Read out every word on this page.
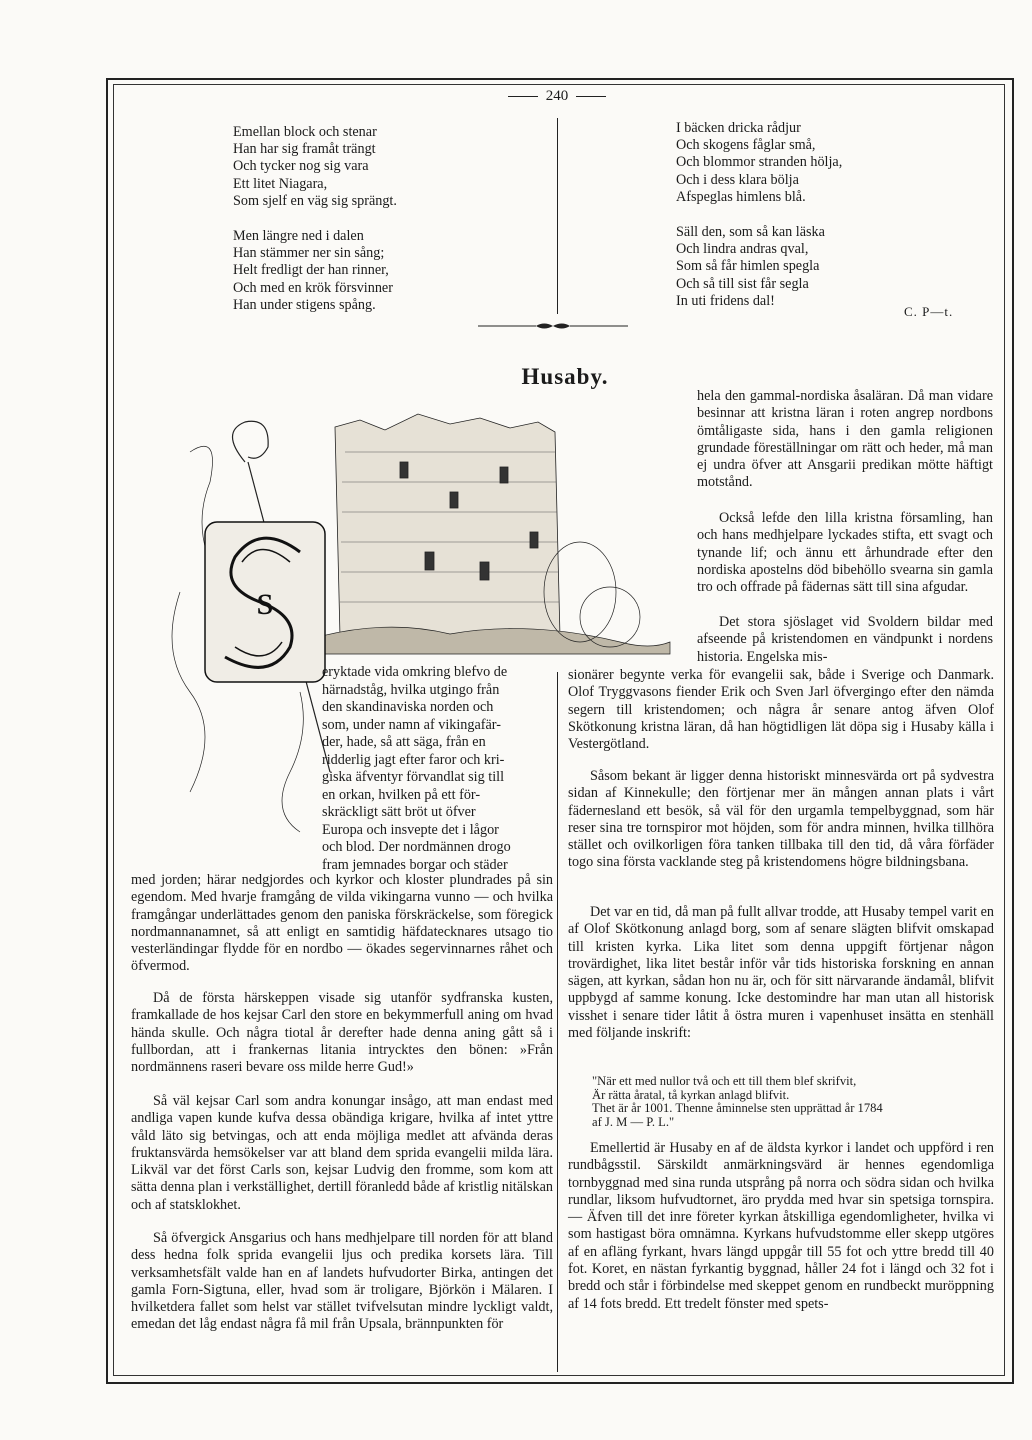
240
Emellan block och stenar
Han har sig framåt trängt
Och tycker nog sig vara
Ett litet Niagara,
Som sjelf en väg sig sprängt.
Men längre ned i dalen
Han stämmer ner sin sång;
Helt fredligt der han rinner,
Och med en krök försvinner
Han under stigens spång.
I bäcken dricka rådjur
Och skogens fåglar små,
Och blommor stranden hölja,
Och i dess klara bölja
Afspeglas himlens blå.
Säll den, som så kan läska
Och lindra andras qval,
Som så får himlen spegla
Och så till sist får segla
In uti fridens dal!
C. P—t.
Husaby.
S
eryktade vida omkring blefvo de
härnadståg, hvilka utgingo från
den skandinaviska norden och
som, under namn af vikingafär-
der, hade, så att säga, från en
ridderlig jagt efter faror och kri-
giska äfventyr förvandlat sig till
en orkan, hvilken på ett för-
skräckligt sätt bröt ut öfver
Europa och insvepte det i lågor
och blod. Der nordmännen drogo
fram jemnades borgar och städer

med jorden; härar nedgjordes och kyrkor och kloster plundrades på sin egendom. Med hvarje framgång de vilda vikingarna vunno — och hvilka framgångar underlättades genom den paniska förskräckelse, som föregick nordmannanamnet, så att enligt en samtidig häfdatecknares utsago tio vesterländingar flydde för en nordbo — ökades segervinnarnes råhet och öfvermod.

Då de första härskeppen visade sig utanför sydfranska kusten, framkallade de hos kejsar Carl den store en bekymmerfull aning om hvad hända skulle. Och några tiotal år derefter hade denna aning gått så i fullbordan, att i frankernas litania intrycktes den bönen: »Från nordmännens raseri bevare oss milde herre Gud!»

Så väl kejsar Carl som andra konungar insågo, att man endast med andliga vapen kunde kufva dessa obändiga krigare, hvilka af intet yttre våld läto sig betvingas, och att enda möjliga medlet att afvända deras fruktansvärda hemsökelser var att bland dem sprida evangelii milda lära. Likväl var det först Carls son, kejsar Ludvig den fromme, som kom att sätta denna plan i verkställighet, dertill föranledd både af kristlig nitälskan och af statsklokhet.

Så öfvergick Ansgarius och hans medhjelpare till norden för att bland dess hedna folk sprida evangelii ljus och predika korsets lära. Till verksamhetsfält valde han en af landets hufvudorter Birka, antingen det gamla Forn-Sigtuna, eller, hvad som är troligare, Björkön i Mälaren. I hvilketdera fallet som helst var stället tvifvelsutan mindre lyckligt valdt, emedan det låg endast några få mil från Upsala, brännpunkten för

hela den gammal-nordiska åsaläran. Då man vidare besinnar att kristna läran i roten angrep nordbons ömtåligaste sida, hans i den gamla religionen grundade föreställningar om rätt och heder, må man ej undra öfver att Ansgarii predikan mötte häftigt motstånd.

Också lefde den lilla kristna församling, han och hans medhjelpare lyckades stifta, ett svagt och tynande lif; och ännu ett århundrade efter den nordiska apostelns död bibehöllo svearna sin gamla tro och offrade på fädernas sätt till sina afgudar.

Det stora sjöslaget vid Svoldern bildar med afseende på kristendomen en vändpunkt i nordens historia. Engelska mis-

sionärer begynte verka för evangelii sak, både i Sverige och Danmark. Olof Tryggvasons fiender Erik och Sven Jarl öfvergingo efter den nämda segern till kristendomen; och några år senare antog äfven Olof Skötkonung kristna läran, då han högtidligen lät döpa sig i Husaby källa i Vestergötland.

Såsom bekant är ligger denna historiskt minnesvärda ort på sydvestra sidan af Kinnekulle; den förtjenar mer än mången annan plats i vårt fädernesland ett besök, så väl för den urgamla tempelbyggnad, som här reser sina tre tornspiror mot höjden, som för andra minnen, hvilka tillhöra stället och ovilkorligen föra tanken tillbaka till den tid, då våra förfäder togo sina första vacklande steg på kristendomens högre bildningsbana.

Det var en tid, då man på fullt allvar trodde, att Husaby tempel varit en af Olof Skötkonung anlagd borg, som af senare slägten blifvit omskapad till kristen kyrka. Lika litet som denna uppgift förtjenar någon trovärdighet, lika litet består inför vår tids historiska forskning en annan sägen, att kyrkan, sådan hon nu är, och för sitt närvarande ändamål, blifvit uppbygd af samme konung. Icke destomindre har man utan all historisk visshet i senare tider låtit å östra muren i vapenhuset insätta en stenhäll med följande inskrift:

"När ett med nullor två och ett till them blef skrifvit,
Är rätta åratal, tå kyrkan anlagd blifvit.
Thet är år 1001. Thenne åminnelse sten upprättad år 1784
af J. M — P. L."

Emellertid är Husaby en af de äldsta kyrkor i landet och uppförd i ren rundbågsstil. Särskildt anmärkningsvärd är hennes egendomliga tornbyggnad med sina runda utsprång på norra och södra sidan och hvilka rundlar, liksom hufvudtornet, äro prydda med hvar sin spetsiga tornspira. — Äfven till det inre företer kyrkan åtskilliga egendomligheter, hvilka vi som hastigast böra omnämna. Kyrkans hufvudstomme eller skepp utgöres af en afläng fyrkant, hvars längd uppgår till 55 fot och yttre bredd till 40 fot. Koret, en nästan fyrkantig byggnad, håller 24 fot i längd och 32 fot i bredd och står i förbindelse med skeppet genom en rundbeckt muröppning af 14 fots bredd. Ett tredelt fönster med spets-
